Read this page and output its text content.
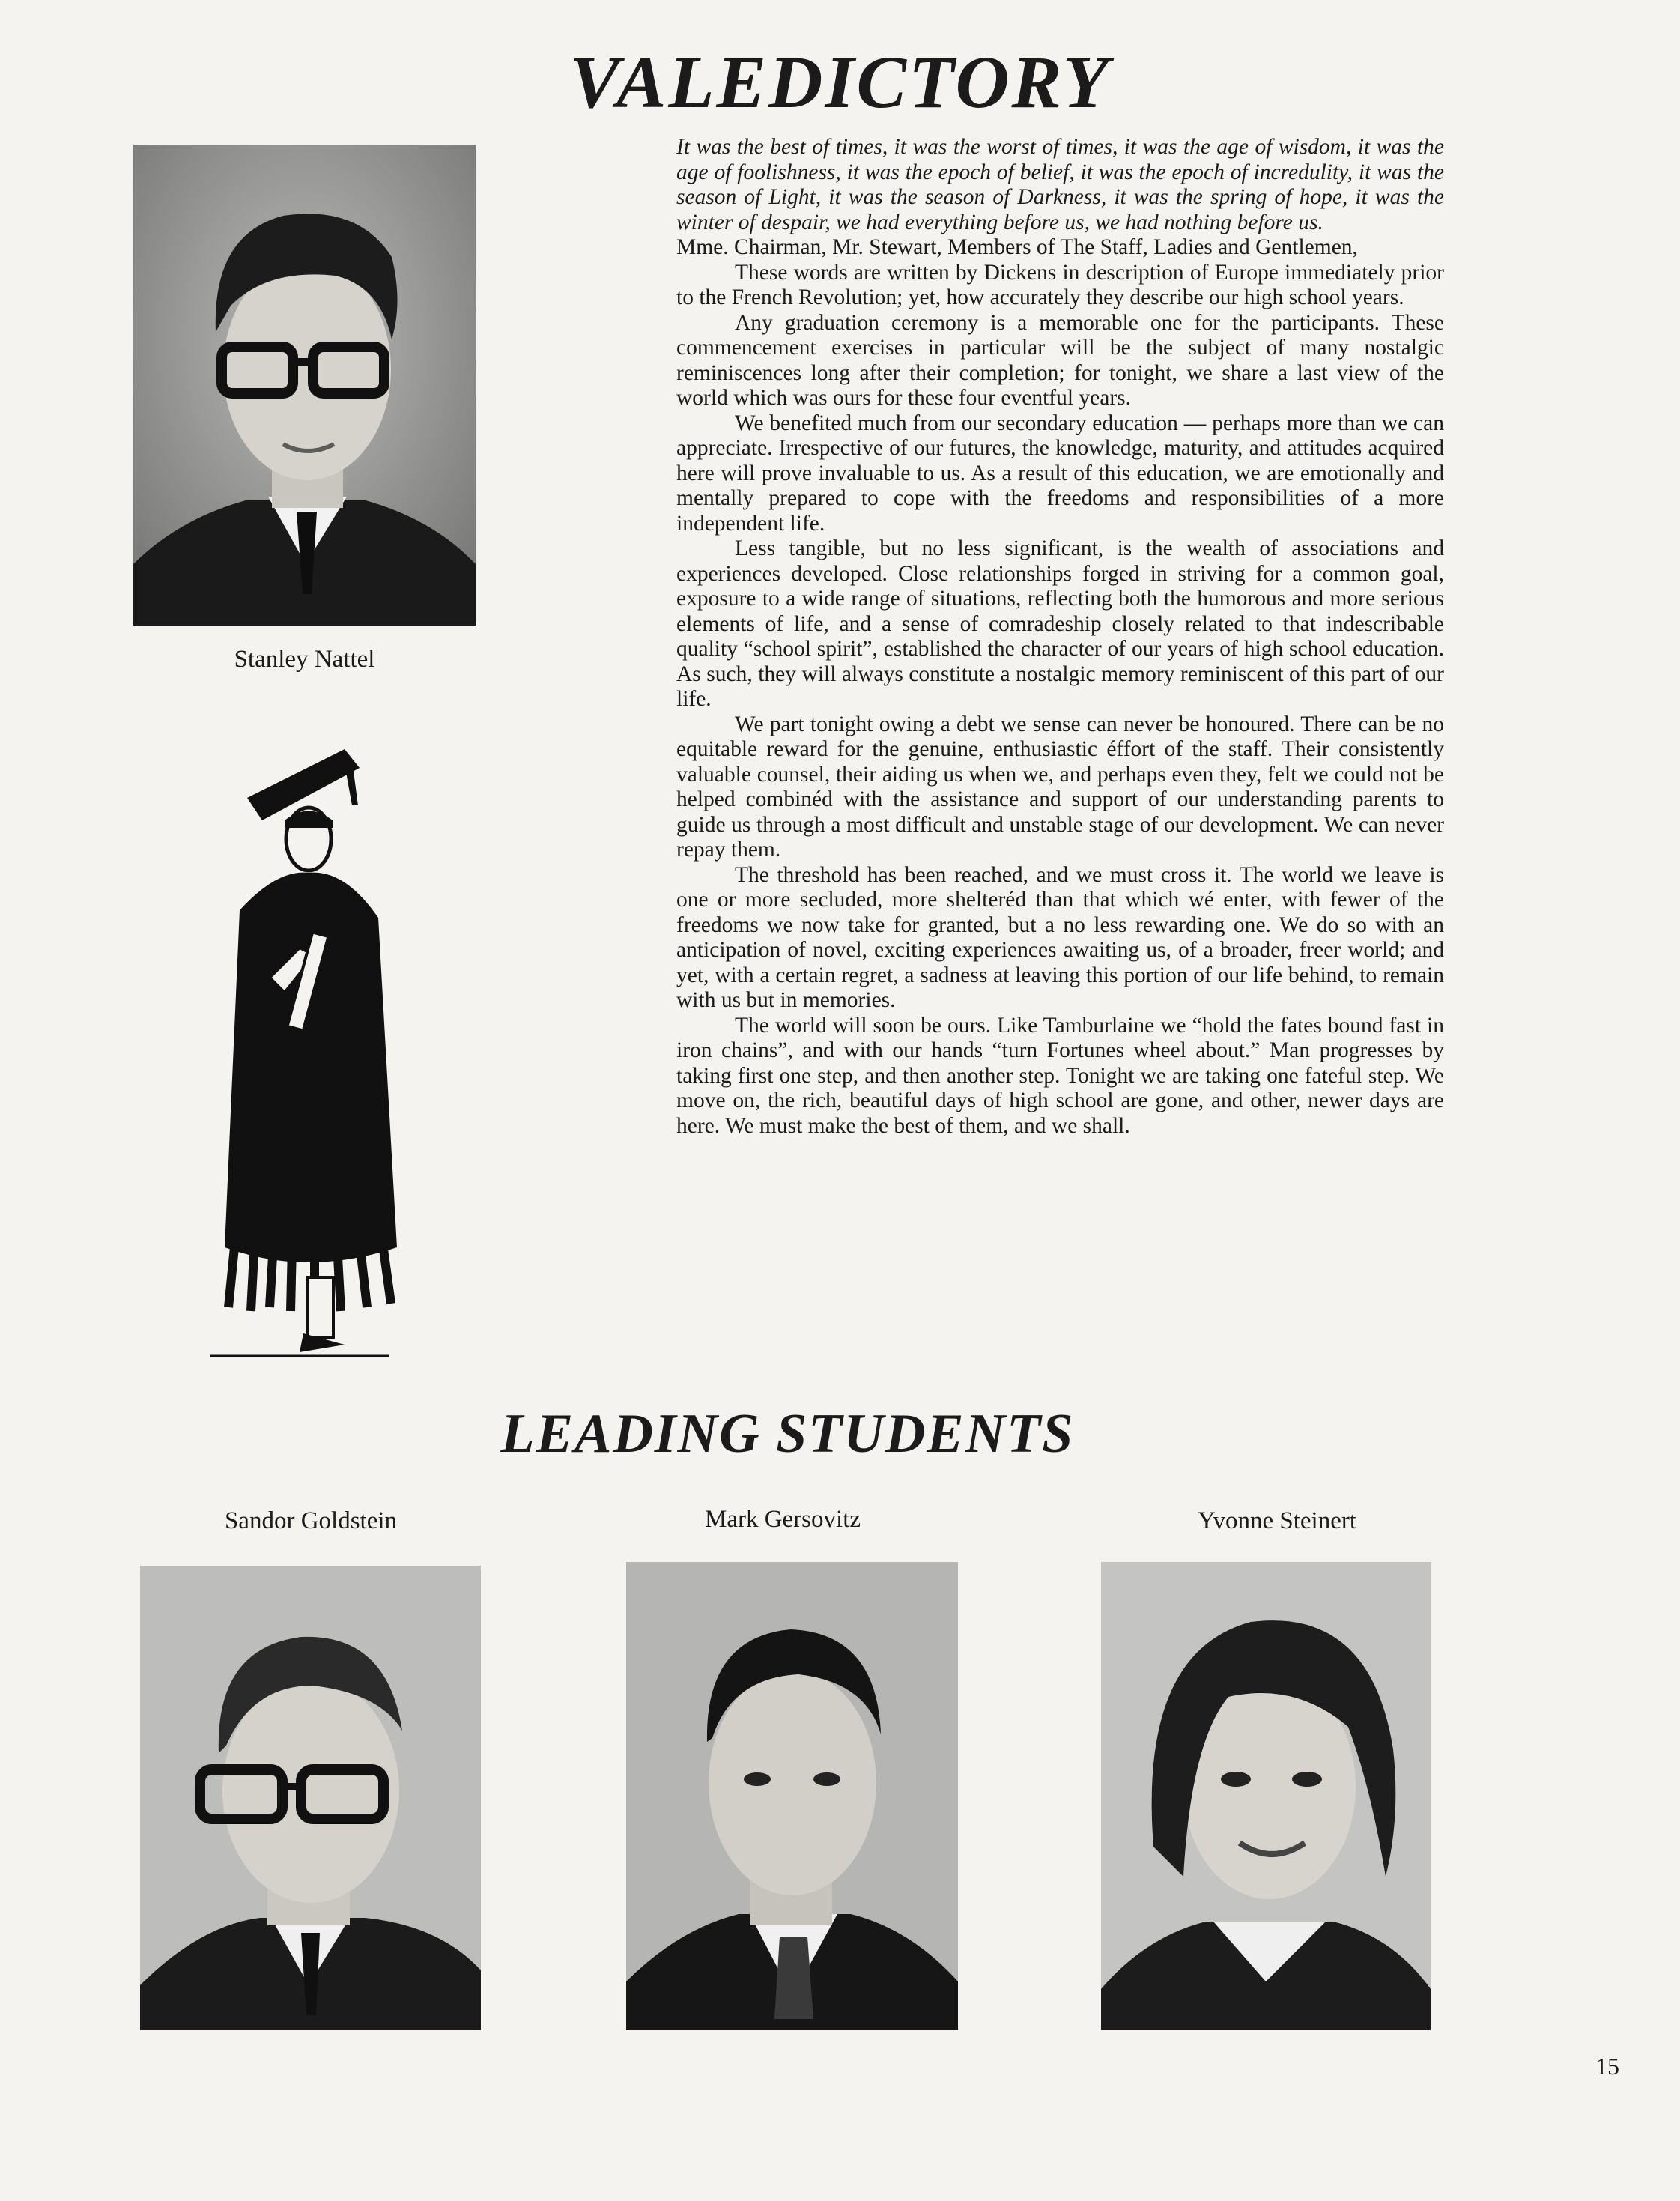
VALEDICTORY
Stanley Nattel

It was the best of times, it was the worst of times, it was the age of wisdom, it was the age of foolishness, it was the epoch of belief, it was the epoch of incredulity, it was the season of Light, it was the season of Darkness, it was the spring of hope, it was the winter of despair, we had everything before us, we had nothing before us.

Mme. Chairman, Mr. Stewart, Members of The Staff, Ladies and Gentlemen,

These words are written by Dickens in description of Europe immediately prior to the French Revolution; yet, how accurately they describe our high school years.

Any graduation ceremony is a memorable one for the participants. These commencement exercises in particular will be the subject of many nostalgic reminiscences long after their completion; for tonight, we share a last view of the world which was ours for these four eventful years.

We benefited much from our secondary education — perhaps more than we can appreciate. Irrespective of our futures, the knowledge, maturity, and attitudes acquired here will prove invaluable to us. As a result of this education, we are emotionally and mentally prepared to cope with the freedoms and responsibilities of a more independent life.

Less tangible, but no less significant, is the wealth of associations and experiences developed. Close relationships forged in striving for a common goal, exposure to a wide range of situations, reflecting both the humorous and more serious elements of life, and a sense of comradeship closely related to that indescribable quality “school spirit”, established the character of our years of high school education. As such, they will always constitute a nostalgic memory reminiscent of this part of our life.

We part tonight owing a debt we sense can never be honoured. There can be no equitable reward for the genuine, enthusiastic éffort of the staff. Their consistently valuable counsel, their aiding us when we, and perhaps even they, felt we could not be helped combinéd with the assistance and support of our understanding parents to guide us through a most difficult and unstable stage of our development. We can never repay them.

The threshold has been reached, and we must cross it. The world we leave is one or more secluded, more shelteréd than that which wé enter, with fewer of the freedoms we now take for granted, but a no less rewarding one. We do so with an anticipation of novel, exciting experiences awaiting us, of a broader, freer world; and yet, with a certain regret, a sadness at leaving this portion of our life behind, to remain with us but in memories.

The world will soon be ours. Like Tamburlaine we “hold the fates bound fast in iron chains”, and with our hands “turn Fortunes wheel about.” Man progresses by taking first one step, and then another step. Tonight we are taking one fateful step. We move on, the rich, beautiful days of high school are gone, and other, newer days are here. We must make the best of them, and we shall.

LEADING STUDENTS
Sandor Goldstein	Mark Gersovitz	Yvonne Steinert
15
